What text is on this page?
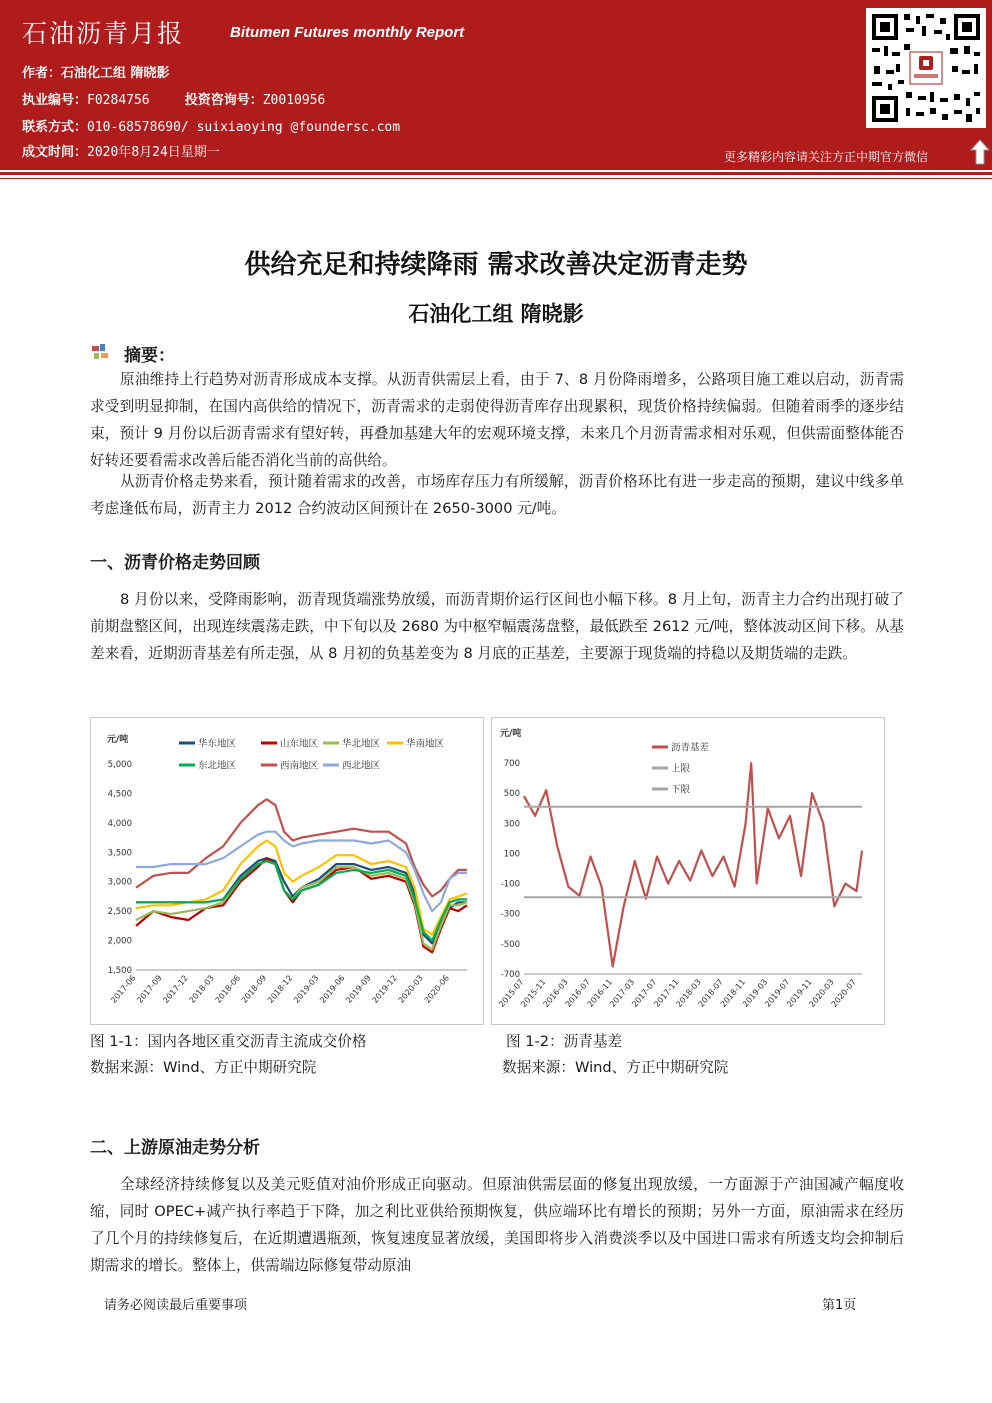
石油沥青月报	Bitumen Futures monthly Report
作者：石油化工组 隋晓影
执业编号：F0284756	投资咨询号：Z0010956
联系方式：010-68578690/ suixiaoying @foundersc.com
成文时间：2020年8月24日星期一	更多精彩内容请关注方正中期官方微信
供给充足和持续降雨 需求改善决定沥青走势
石油化工组 隋晓影
摘要：
原油维持上行趋势对沥青形成成本支撑。从沥青供需层上看，由于 7、8 月份降雨增多，公路项目施工难以启动，沥青需求受到明显抑制，在国内高供给的情况下，沥青需求的走弱使得沥青库存出现累积，现货价格持续偏弱。但随着雨季的逐步结束，预计 9 月份以后沥青需求有望好转，再叠加基建大年的宏观环境支撑，未来几个月沥青需求相对乐观，但供需面整体能否好转还要看需求改善后能否消化当前的高供给。
从沥青价格走势来看，预计随着需求的改善，市场库存压力有所缓解，沥青价格环比有进一步走高的预期，建议中线多单考虑逢低布局，沥青主力 2012 合约波动区间预计在 2650-3000 元/吨。
一、沥青价格走势回顾
8 月份以来，受降雨影响，沥青现货端涨势放缓，而沥青期价运行区间也小幅下移。8 月上旬，沥青主力合约出现打破了前期盘整区间，出现连续震荡走跌，中下旬以及 2680 为中枢窄幅震荡盘整，最低跌至 2612 元/吨，整体波动区间下移。从基差来看，近期沥青基差有所走强，从 8 月初的负基差变为 8 月底的正基差，主要源于现货端的持稳以及期货端的走跌。
元/吨
5,000
4,500
4,000
3,500
3,000
2,500
2,000
1,500
2017-06
2017-09
2017-12
2018-03
2018-06
2018-09
2018-12
2019-03
2019-06
2019-09
2019-12
2020-03
2020-06
华东地区	山东地区	华北地区	华南地区
东北地区	西南地区	西北地区
元/吨
700
500
300
100
-100
-300
-500
-700
2015-07
2015-11
2016-03
2016-07
2016-11
2017-03
2017-07
2017-11
2018-03
2018-07
2018-11
2019-03
2019-07
2019-11
2020-03
2020-07
沥青基差
上限
下限
图 1-1：国内各地区重交沥青主流成交价格
数据来源：Wind、方正中期研究院
图 1-2：沥青基差
数据来源：Wind、方正中期研究院
二、上游原油走势分析
全球经济持续修复以及美元贬值对油价形成正向驱动。但原油供需层面的修复出现放缓，一方面源于产油国减产幅度收缩，同时 OPEC+减产执行率趋于下降，加之利比亚供给预期恢复，供应端环比有增长的预期；另外一方面，原油需求在经历了几个月的持续修复后，在近期遭遇瓶颈，恢复速度显著放缓，美国即将步入消费淡季以及中国进口需求有所透支均会抑制后期需求的增长。整体上，供需端边际修复带动原油
请务必阅读最后重要事项	第1页
